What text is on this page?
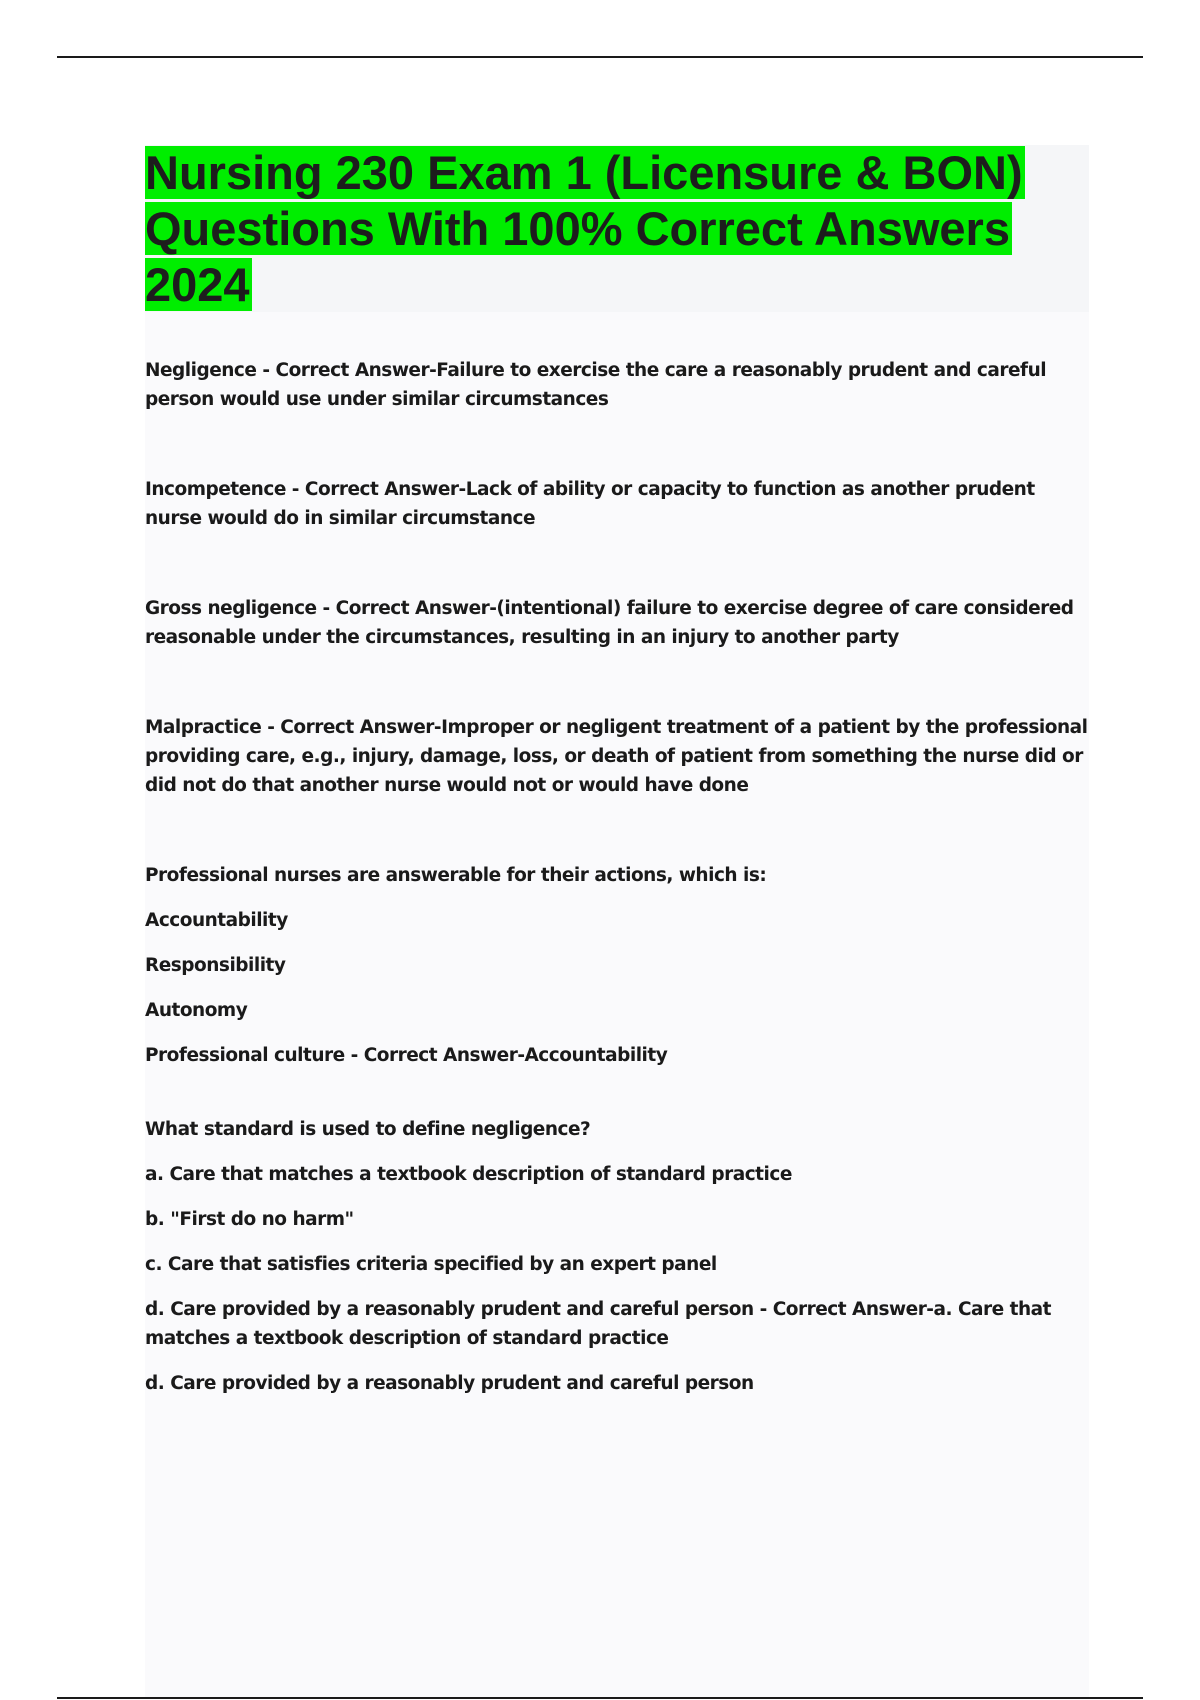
Nursing 230 Exam 1 (Licensure & BON) Questions With 100% Correct Answers 2024

Negligence - Correct Answer-Failure to exercise the care a reasonably prudent and careful person would use under similar circumstances

Incompetence - Correct Answer-Lack of ability or capacity to function as another prudent nurse would do in similar circumstance

Gross negligence - Correct Answer-(intentional) failure to exercise degree of care considered reasonable under the circumstances, resulting in an injury to another party

Malpractice - Correct Answer-Improper or negligent treatment of a patient by the professional providing care, e.g., injury, damage, loss, or death of patient from something the nurse did or did not do that another nurse would not or would have done

Professional nurses are answerable for their actions, which is:

Accountability

Responsibility

Autonomy

Professional culture - Correct Answer-Accountability

What standard is used to define negligence?

a. Care that matches a textbook description of standard practice

b. "First do no harm"

c. Care that satisfies criteria specified by an expert panel

d. Care provided by a reasonably prudent and careful person - Correct Answer-a. Care that matches a textbook description of standard practice

d. Care provided by a reasonably prudent and careful person
